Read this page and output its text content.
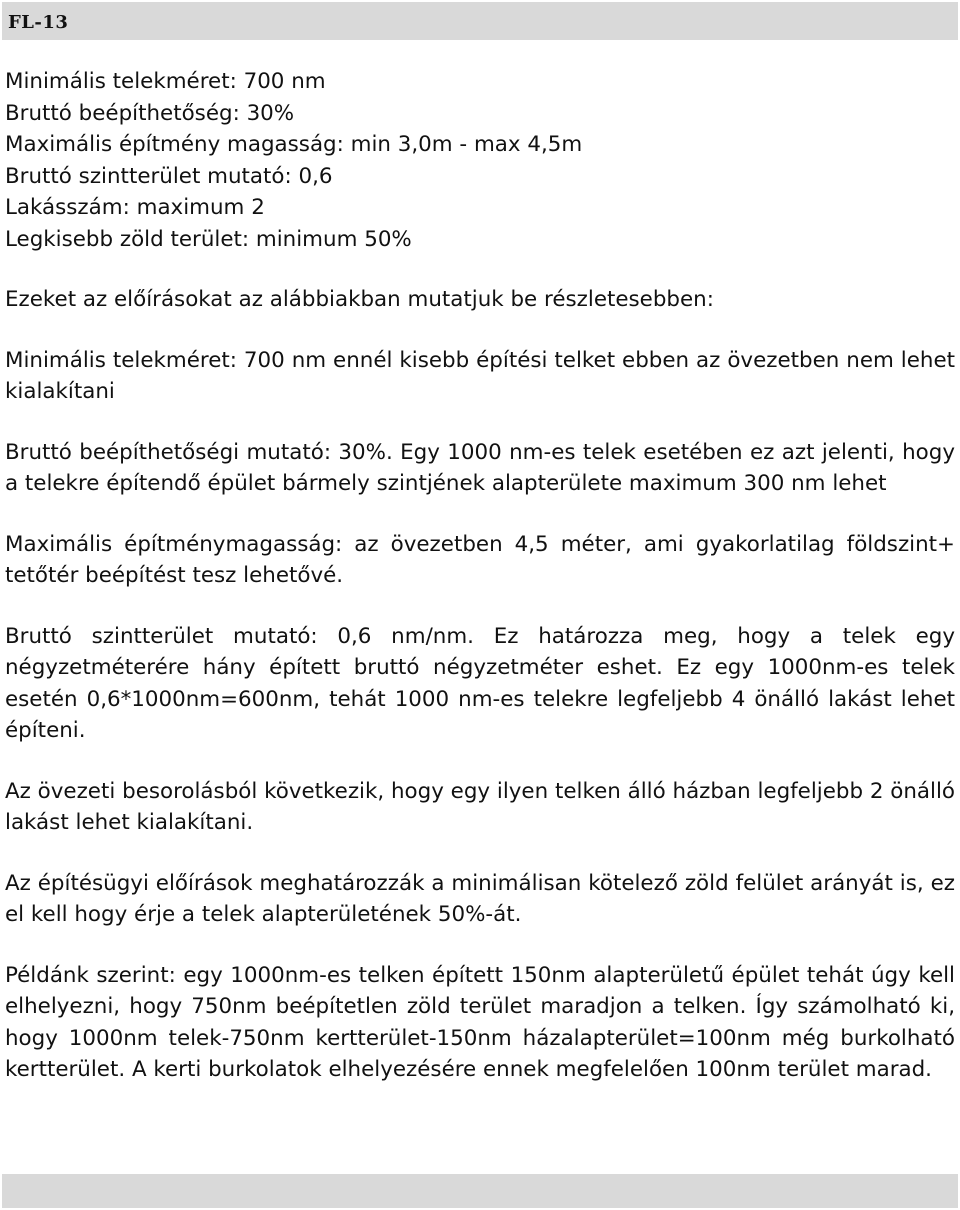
FL-13
Minimális telekméret: 700 nm
Bruttó beépíthetőség: 30%
Maximális építmény magasság: min 3,0m - max 4,5m
Bruttó szintterület mutató: 0,6
Lakásszám: maximum 2
Legkisebb zöld terület: minimum 50%
Ezeket az előírásokat az alábbiakban mutatjuk be részletesebben:
Minimális telekméret: 700 nm ennél kisebb építési telket ebben az övezetben nem lehet kialakítani
Bruttó beépíthetőségi mutató: 30%. Egy 1000 nm-es telek esetében ez azt jelenti, hogy a telekre építendő épület bármely szintjének alapterülete maximum 300 nm lehet
Maximális építménymagasság: az övezetben 4,5 méter, ami gyakorlatilag földszint+ tetőtér beépítést tesz lehetővé.
Bruttó szintterület mutató: 0,6 nm/nm. Ez határozza meg, hogy a telek egy négyzetméterére hány épített bruttó négyzetméter eshet. Ez egy 1000nm-es telek esetén 0,6*1000nm=600nm, tehát 1000 nm-es telekre legfeljebb 4 önálló lakást lehet építeni.
Az övezeti besorolásból következik, hogy egy ilyen telken álló házban legfeljebb 2 önálló lakást lehet kialakítani.
Az építésügyi előírások meghatározzák a minimálisan kötelező zöld felület arányát is, ez el kell hogy érje a telek alapterületének 50%-át.
Példánk szerint: egy 1000nm-es telken épített 150nm alapterületű épület tehát úgy kell elhelyezni, hogy 750nm beépítetlen zöld terület maradjon a telken. Így számolható ki, hogy 1000nm telek-750nm kertterület-150nm házalapterület=100nm még burkolható kertterület. A kerti burkolatok elhelyezésére ennek megfelelően 100nm terület marad.
